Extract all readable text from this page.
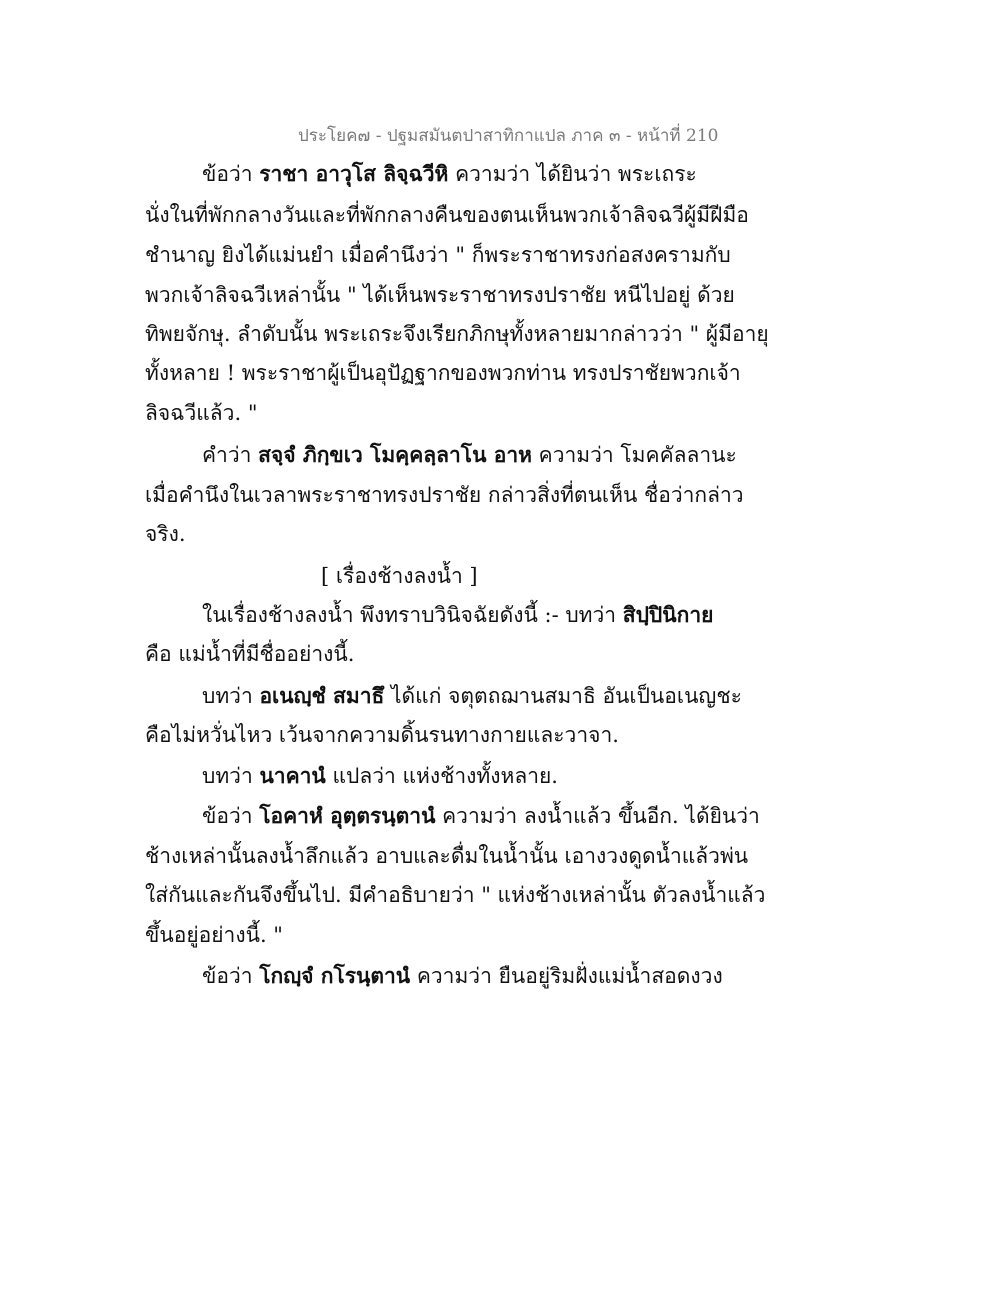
ประโยค๗ - ปฐมสมันตปาสาทิกาแปล ภาค ๓ - หน้าที่ 210
ข้อว่า ราชา อาวุโส ลิจฺฉวีหิ ความว่า ได้ยินว่า พระเถระ
นั่งในที่พักกลางวันและที่พักกลางคืนของตนเห็นพวกเจ้าลิจฉวีผู้มีฝีมือ
ชำนาญ ยิงได้แม่นยำ เมื่อคำนึงว่า " ก็พระราชาทรงก่อสงครามกับ
พวกเจ้าลิจฉวีเหล่านั้น " ได้เห็นพระราชาทรงปราชัย หนีไปอยู่ ด้วย
ทิพยจักษุ. ลำดับนั้น พระเถระจึงเรียกภิกษุทั้งหลายมากล่าวว่า " ผู้มีอายุ
ทั้งหลาย ! พระราชาผู้เป็นอุปัฏฐากของพวกท่าน ทรงปราชัยพวกเจ้า
ลิจฉวีแล้ว. "
คำว่า สจฺจํ ภิกฺขเว โมคฺคลฺลาโน อาห ความว่า โมคคัลลานะ
เมื่อคำนึงในเวลาพระราชาทรงปราชัย กล่าวสิ่งที่ตนเห็น ชื่อว่ากล่าว
จริง.
[ เรื่องช้างลงน้ำ ]
ในเรื่องช้างลงน้ำ พึงทราบวินิจฉัยดังนี้ :- บทว่า สิปฺปินิกาย
คือ แม่น้ำที่มีชื่ออย่างนี้.
บทว่า อเนญฺชํ สมาธึ ได้แก่ จตุตถฌานสมาธิ อันเป็นอเนญชะ
คือไม่หวั่นไหว เว้นจากความดิ้นรนทางกายและวาจา.
บทว่า นาคานํ แปลว่า แห่งช้างทั้งหลาย.
ข้อว่า โอคาหํ อุตฺตรนฺตานํ ความว่า ลงน้ำแล้ว ขึ้นอีก. ได้ยินว่า
ช้างเหล่านั้นลงน้ำลึกแล้ว อาบและดื่มในน้ำนั้น เอางวงดูดน้ำแล้วพ่น
ใส่กันและกันจึงขึ้นไป. มีคำอธิบายว่า " แห่งช้างเหล่านั้น ตัวลงน้ำแล้ว
ขึ้นอยู่อย่างนี้. "
ข้อว่า โกญฺจํ กโรนฺตานํ ความว่า ยืนอยู่ริมฝั่งแม่น้ำสอดงวง
